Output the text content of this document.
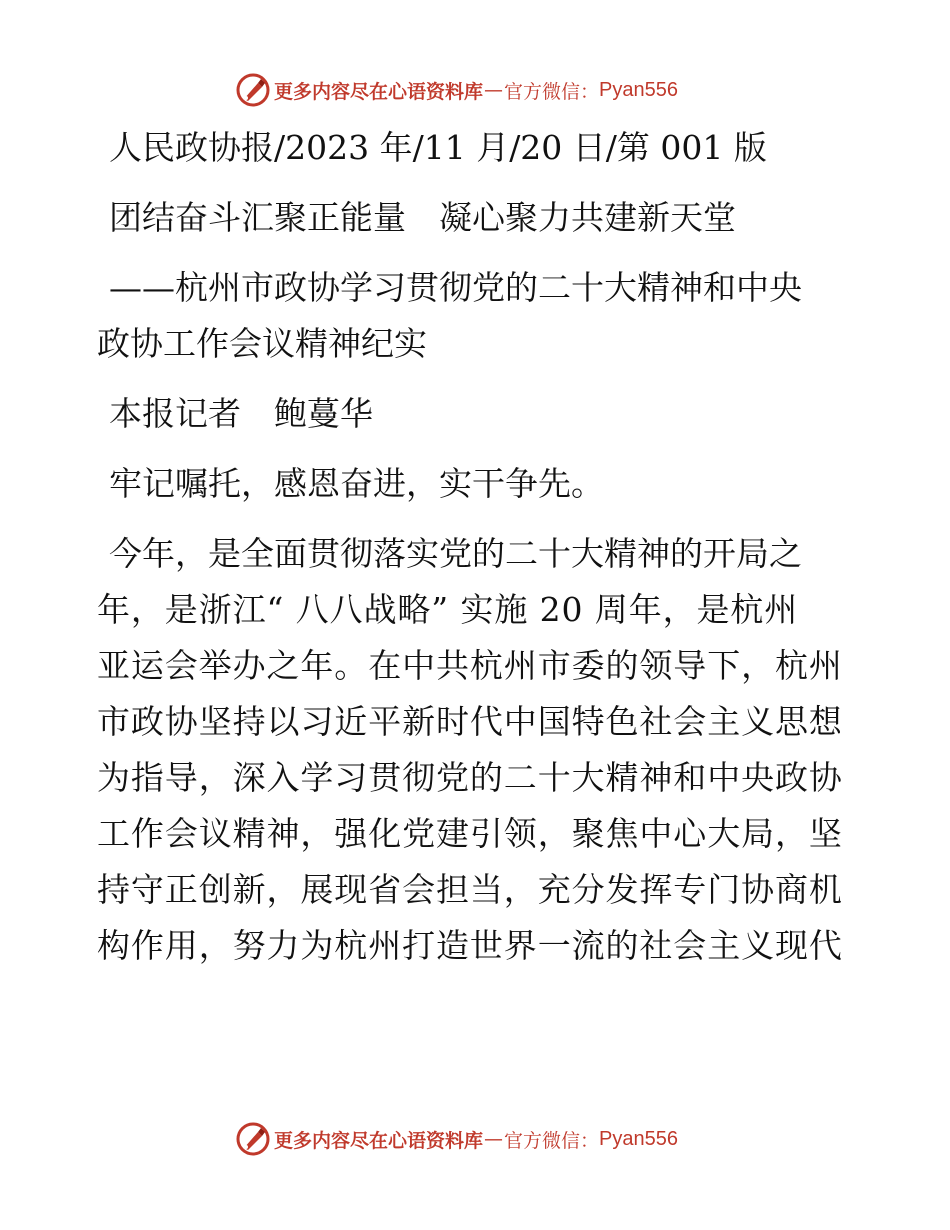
更多内容尽在心语资料库 — 官方微信： Pyan556
人民政协报/2023 年/11 月/20 日/第 001 版
团结奋斗汇聚正能量　凝心聚力共建新天堂
——杭州市政协学习贯彻党的二十大精神和中央
政协工作会议精神纪实
本报记者　鲍蔓华
牢记嘱托，感恩奋进，实干争先。
今年，是全面贯彻落实党的二十大精神的开局之
年，是浙江“ 八八战略” 实施 20 周年，是杭州
亚运会举办之年。在中共杭州市委的领导下，杭州
市政协坚持以习近平新时代中国特色社会主义思想
为指导，深入学习贯彻党的二十大精神和中央政协
工作会议精神，强化党建引领，聚焦中心大局，坚
持守正创新，展现省会担当，充分发挥专门协商机
构作用，努力为杭州打造世界一流的社会主义现代
更多内容尽在心语资料库 — 官方微信： Pyan556
